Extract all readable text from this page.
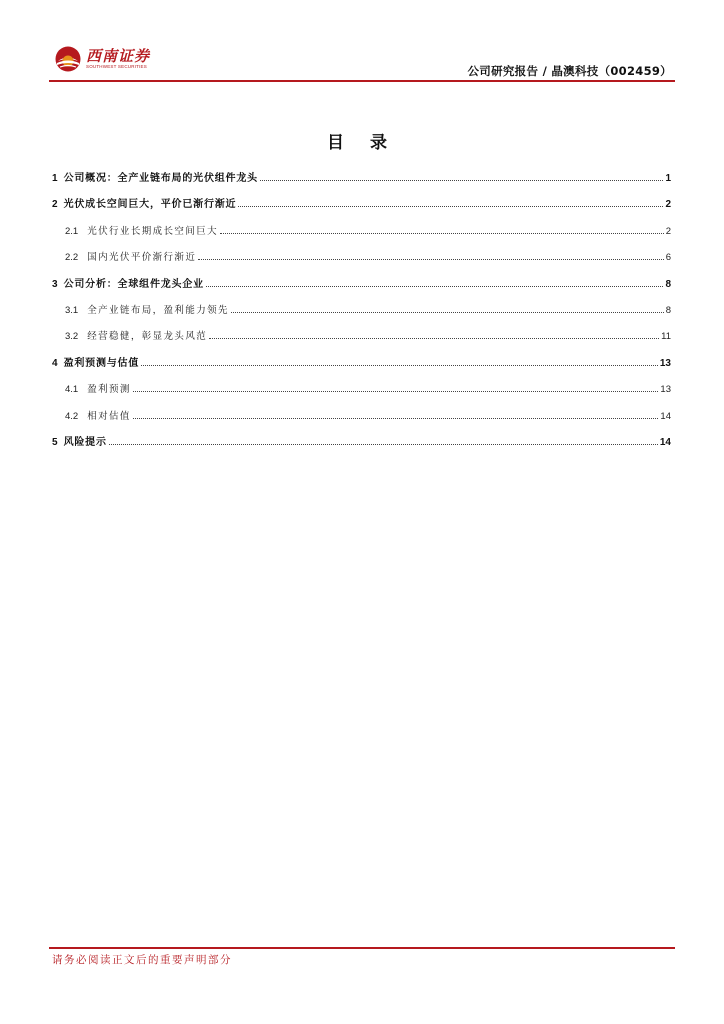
西南证券
SOUTHWEST SECURITIES	公司研究报告 / 晶澳科技（002459）
目 录
1 公司概况：全产业链布局的光伏组件龙头	1
2 光伏成长空间巨大，平价已渐行渐近	2
2.1 光伏行业长期成长空间巨大	2
2.2 国内光伏平价渐行渐近	6
3 公司分析：全球组件龙头企业	8
3.1 全产业链布局，盈利能力领先	8
3.2 经营稳健，彰显龙头风范	11
4 盈利预测与估值	13
4.1 盈利预测	13
4.2 相对估值	14
5 风险提示	14
请务必阅读正文后的重要声明部分
